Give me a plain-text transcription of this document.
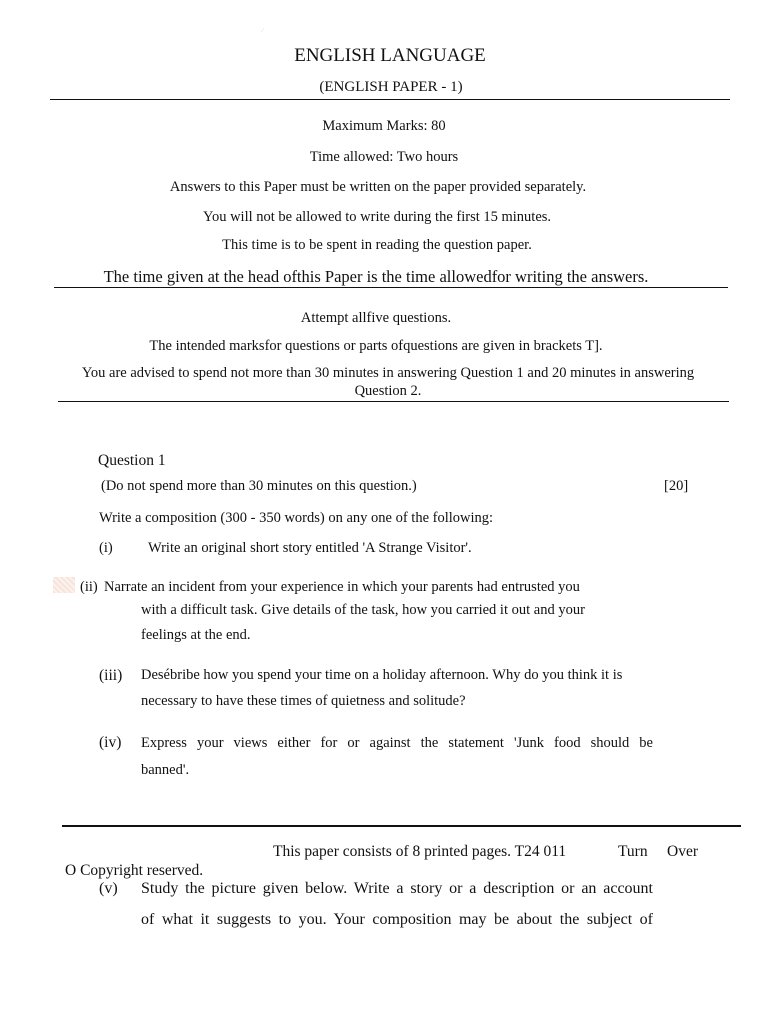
⁄
ENGLISH LANGUAGE
(ENGLISH PAPER - 1)
Maximum Marks: 80
Time allowed: Two hours
Answers to this Paper must be written on the paper provided separately.
You will not be allowed to write during the first 15 minutes.
This time is to be spent in reading the question paper.
The time given at the head ofthis Paper is the time allowedfor writing the answers.
Attempt allfive questions.
The intended marksfor questions or parts ofquestions are given in brackets T].
You are advised to spend not more than 30 minutes in answering Question 1 and 20 minutes in answering
Question 2.
Question 1
(Do not spend more than 30 minutes on this question.)	[20]
Write a composition (300 - 350 words) on any one of the following:
(i) Write an original short story entitled 'A Strange Visitor'.
(ii) Narrate an incident from your experience in which your parents had entrusted you
with a difficult task. Give details of the task, how you carried it out and your
feelings at the end.
(iii) Desébribe how you spend your time on a holiday afternoon. Why do you think it is
necessary to have these times of quietness and solitude?
(iv) Express your views either for or against the statement 'Junk food should be
banned'.
This paper consists of 8 printed pages. T24 011	Turn Over
O Copyright reserved.
(v) Study the picture given below. Write a story or a description or an account
of what it suggests to you. Your composition may be about the subject of
